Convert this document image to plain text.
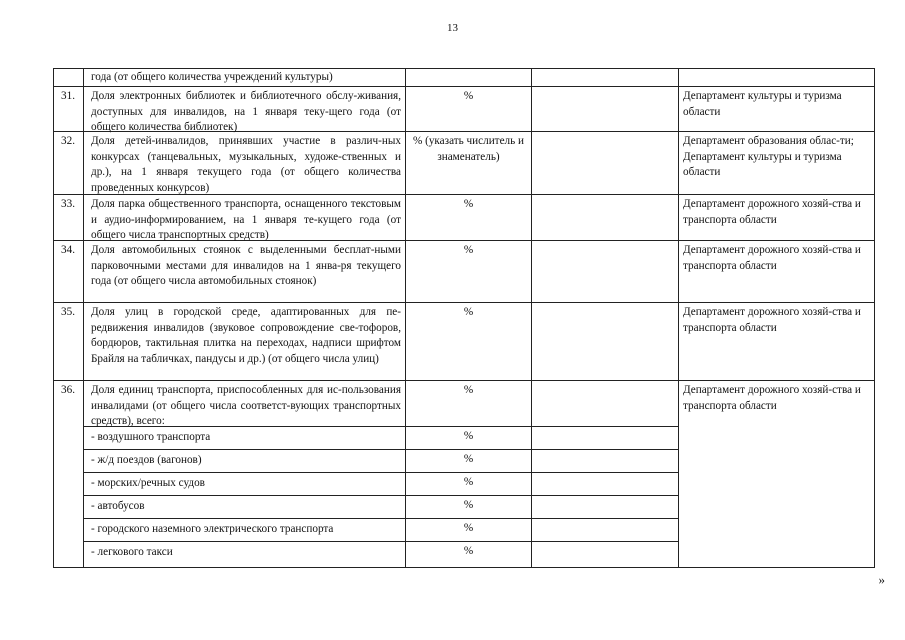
13
года (от общего количества учреждений культуры)
31. Доля электронных библиотек и библиотечного обслу-живания, доступных для инвалидов, на 1 января теку-щего года (от общего количества библиотек)
%	Департамент культуры и туризма области
32. Доля детей-инвалидов, принявших участие в различ-ных конкурсах (танцевальных, музыкальных, художе-ственных и др.), на 1 января текущего года (от общего количества проведенных конкурсов)
% (указать числитель и знаменатель)
Департамент образования облас-ти; Департамент культуры и туризма области
33. Доля парка общественного транспорта, оснащенного текстовым и аудио-информированием, на 1 января те-кущего года (от общего числа транспортных средств)
%	Департамент дорожного хозяй-ства и транспорта области
34. Доля автомобильных стоянок с выделенными бесплат-ными парковочными местами для инвалидов на 1 янва-ря текущего года (от общего числа автомобильных стоянок)
%	Департамент дорожного хозяй-ства и транспорта области
35. Доля улиц в городской среде, адаптированных для пе-редвижения инвалидов (звуковое сопровождение све-тофоров, бордюров, тактильная плитка на переходах, надписи шрифтом Брайля на табличках, пандусы и др.) (от общего числа улиц)
%	Департамент дорожного хозяй-ства и транспорта области
36. Доля единиц транспорта, приспособленных для ис-пользования инвалидами (от общего числа соответст-вующих транспортных средств), всего:
%	Департамент дорожного хозяй-ства и транспорта области
- воздушного транспорта	%
- ж/д поездов (вагонов)	%
- морских/речных судов	%
- автобусов	%
- городского наземного электрического транспорта	%
- легкового такси	%
»
